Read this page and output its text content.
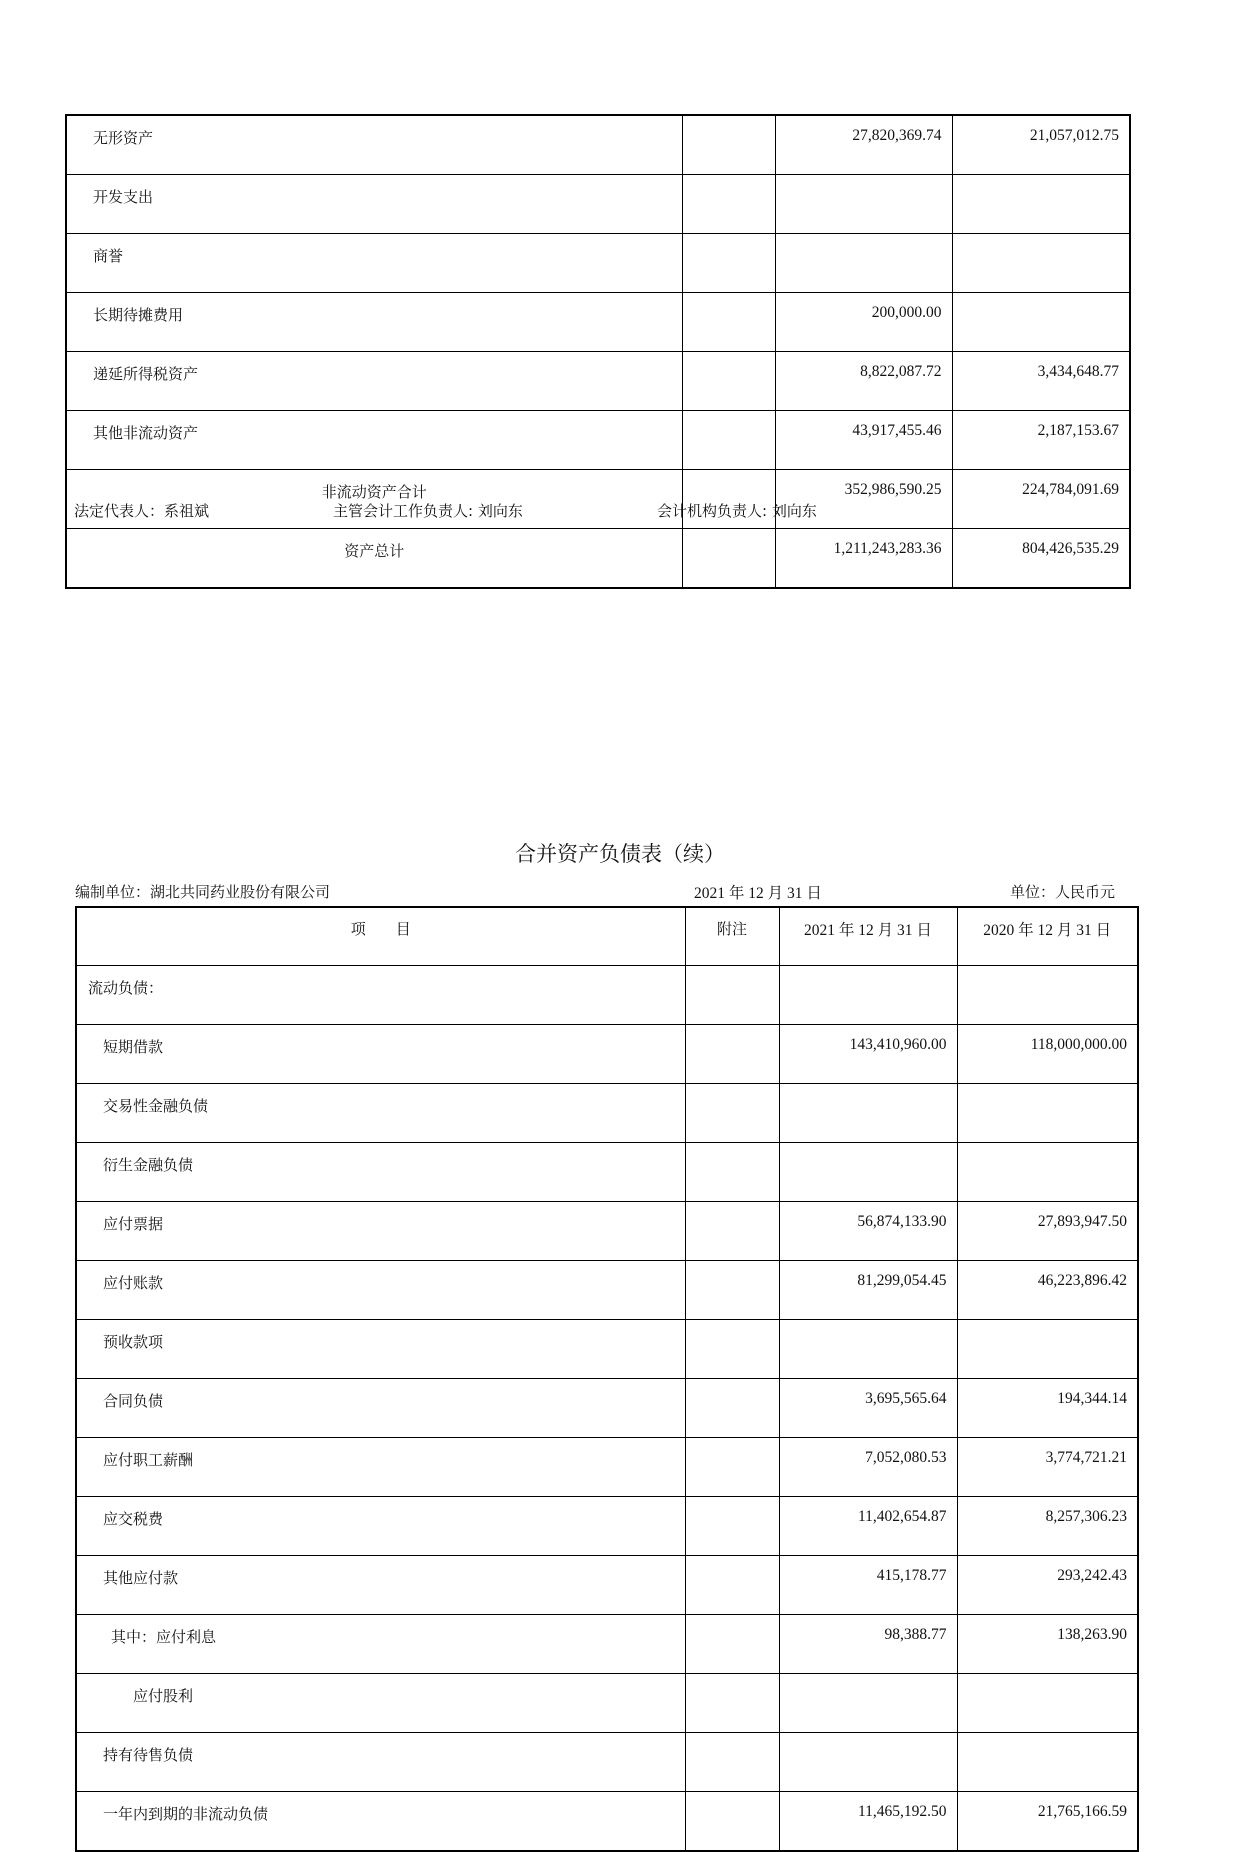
无形资产		27,820,369.74	21,057,012.75
开发支出			
商誉			
长期待摊费用		200,000.00	
递延所得税资产		8,822,087.72	3,434,648.77
其他非流动资产		43,917,455.46	2,187,153.67
非流动资产合计		352,986,590.25	224,784,091.69
资产总计		1,211,243,283.36	804,426,535.29
法定代表人：系祖斌	主管会计工作负责人: 刘向东	会计机构负责人: 刘向东
合并资产负债表（续）
编制单位：湖北共同药业股份有限公司	2021 年 12 月 31 日	单位：人民币元
项　　目	附注	2021 年 12 月 31 日	2020 年 12 月 31 日
流动负债：			
短期借款		143,410,960.00	118,000,000.00
交易性金融负债			
衍生金融负债			
应付票据		56,874,133.90	27,893,947.50
应付账款		81,299,054.45	46,223,896.42
预收款项			
合同负债		3,695,565.64	194,344.14
应付职工薪酬		7,052,080.53	3,774,721.21
应交税费		11,402,654.87	8,257,306.23
其他应付款		415,178.77	293,242.43
其中：应付利息		98,388.77	138,263.90
应付股利			
持有待售负债			
一年内到期的非流动负债		11,465,192.50	21,765,166.59
